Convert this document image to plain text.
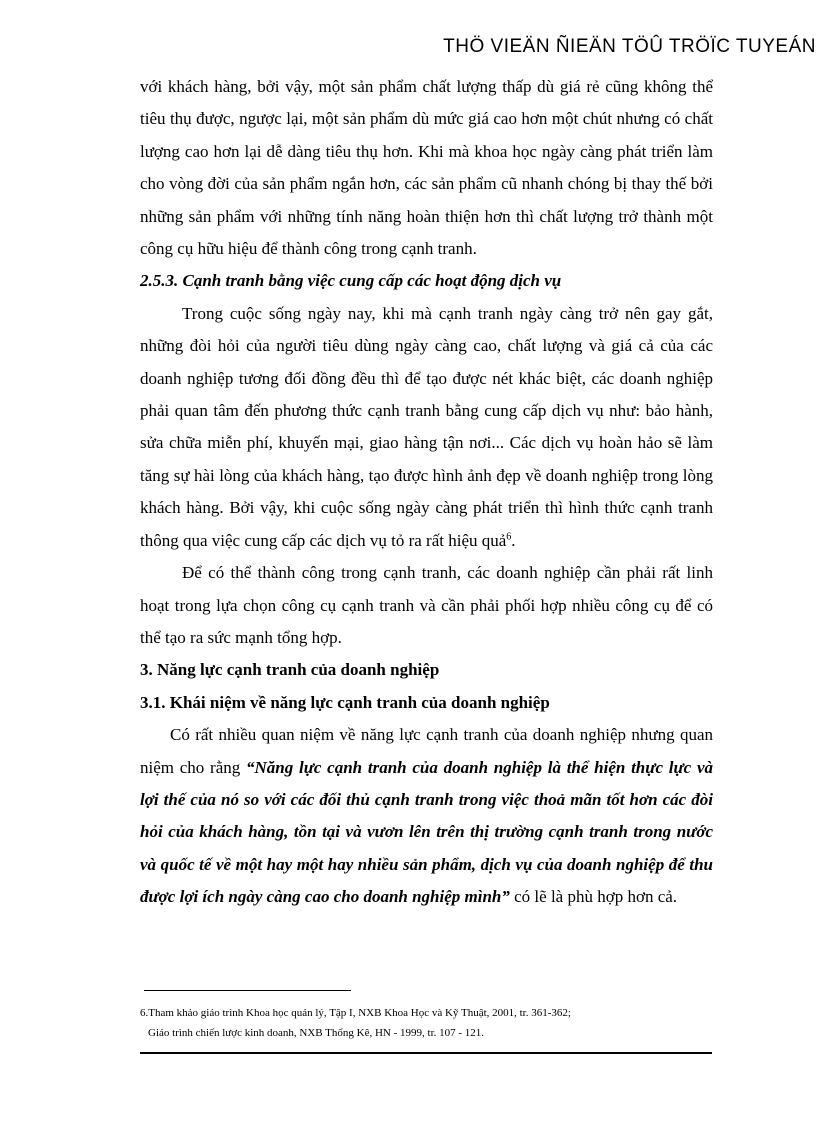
THÖ VIEÄN ÑIEÄN TÖÛ TRÖÏC TUYEÁN

với khách hàng, bởi vậy, một sản phẩm chất lượng thấp dù giá rẻ cũng không thể tiêu thụ được, ngược lại, một sản phẩm dù mức giá cao hơn một chút nhưng có chất lượng cao hơn lại dễ dàng tiêu thụ hơn. Khi mà khoa học ngày càng phát triển làm cho vòng đời của sản phẩm ngắn hơn, các sản phẩm cũ nhanh chóng bị thay thế bởi những sản phẩm với những tính năng hoàn thiện hơn thì chất lượng trở thành một công cụ hữu hiệu để thành công trong cạnh tranh.

2.5.3. Cạnh tranh bằng việc cung cấp các hoạt động dịch vụ

Trong cuộc sống ngày nay, khi mà cạnh tranh ngày càng trở nên gay gắt, những đòi hỏi của người tiêu dùng ngày càng cao, chất lượng và giá cả của các doanh nghiệp tương đối đồng đều thì để tạo được nét khác biệt, các doanh nghiệp phải quan tâm đến phương thức cạnh tranh bằng cung cấp dịch vụ như: bảo hành, sửa chữa miễn phí, khuyến mại, giao hàng tận nơi... Các dịch vụ hoàn hảo sẽ làm tăng sự hài lòng của khách hàng, tạo được hình ảnh đẹp về doanh nghiệp trong lòng khách hàng. Bởi vậy, khi cuộc sống ngày càng phát triển thì hình thức cạnh tranh thông qua việc cung cấp các dịch vụ tỏ ra rất hiệu quả$^6$.

Để có thể thành công trong cạnh tranh, các doanh nghiệp cần phải rất linh hoạt trong lựa chọn công cụ cạnh tranh và cần phải phối hợp nhiều công cụ để có thể tạo ra sức mạnh tổng hợp.

3. Năng lực cạnh tranh của doanh nghiệp

3.1. Khái niệm về năng lực cạnh tranh của doanh nghiệp

Có rất nhiều quan niệm về năng lực cạnh tranh của doanh nghiệp nhưng quan niệm cho rằng “Năng lực cạnh tranh của doanh nghiệp là thể hiện thực lực và lợi thế của nó so với các đối thủ cạnh tranh trong việc thoả mãn tốt hơn các đòi hỏi của khách hàng, tồn tại và vươn lên trên thị trường cạnh tranh trong nước và quốc tế về một hay một hay nhiều sản phẩm, dịch vụ của doanh nghiệp để thu được lợi ích ngày càng cao cho doanh nghiệp mình” có lẽ là phù hợp hơn cả.

6.Tham khảo giáo trình Khoa học quản lý, Tập I, NXB Khoa Học và Kỹ Thuật, 2001, tr. 361-362;
Giáo trình chiến lược kinh doanh, NXB Thống Kê, HN - 1999, tr. 107 - 121.
